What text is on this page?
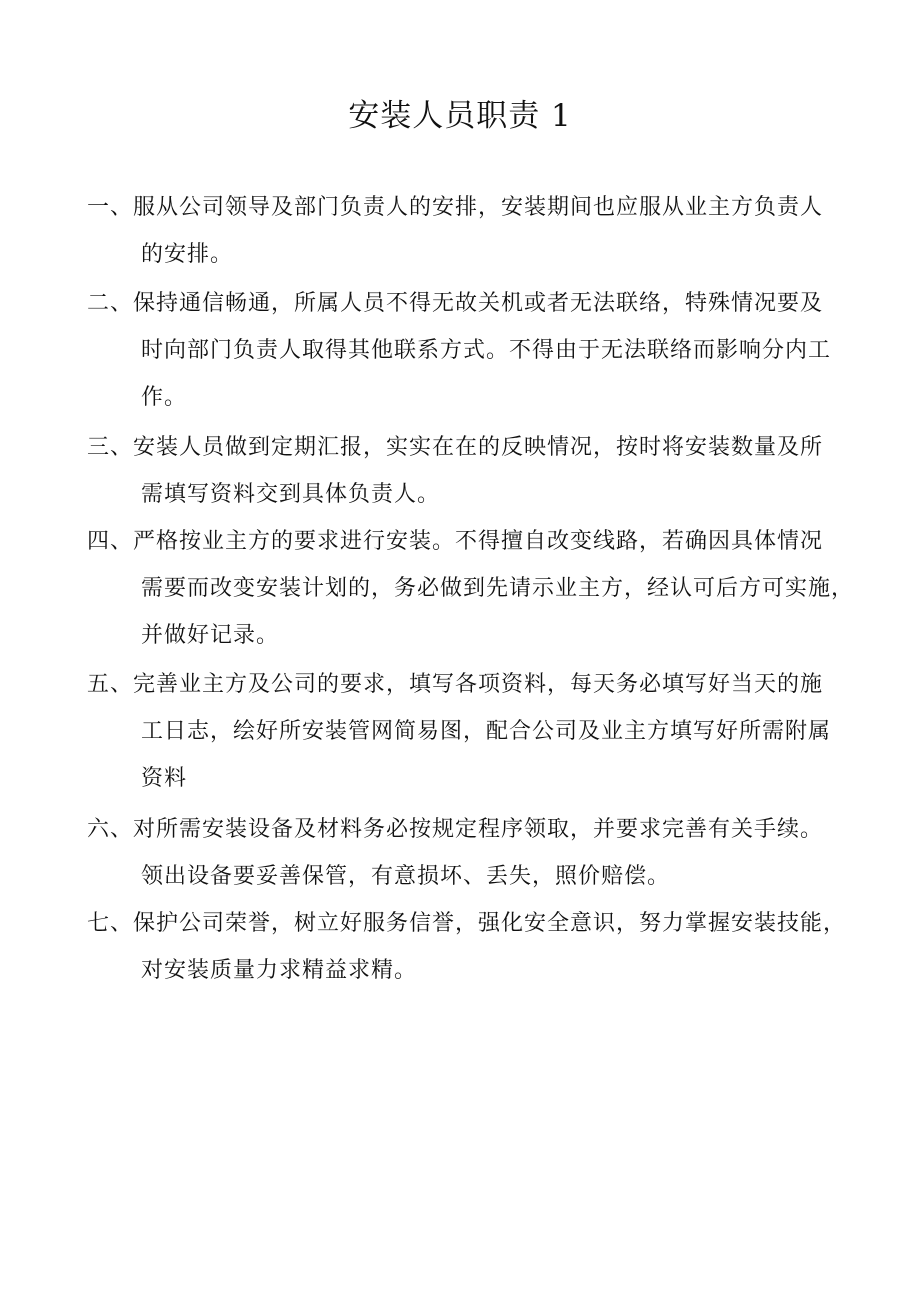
安装人员职责 1
一、服从公司领导及部门负责人的安排，安装期间也应服从业主方负责人
的安排。
二、保持通信畅通，所属人员不得无故关机或者无法联络，特殊情况要及
时向部门负责人取得其他联系方式。不得由于无法联络而影响分内工
作。
三、安装人员做到定期汇报，实实在在的反映情况，按时将安装数量及所
需填写资料交到具体负责人。
四、严格按业主方的要求进行安装。不得擅自改变线路，若确因具体情况
需要而改变安装计划的，务必做到先请示业主方，经认可后方可实施，
并做好记录。
五、完善业主方及公司的要求，填写各项资料，每天务必填写好当天的施
工日志，绘好所安装管网简易图，配合公司及业主方填写好所需附属
资料
六、对所需安装设备及材料务必按规定程序领取，并要求完善有关手续。
领出设备要妥善保管，有意损坏、丢失，照价赔偿。
七、保护公司荣誉，树立好服务信誉，强化安全意识，努力掌握安装技能，
对安装质量力求精益求精。
